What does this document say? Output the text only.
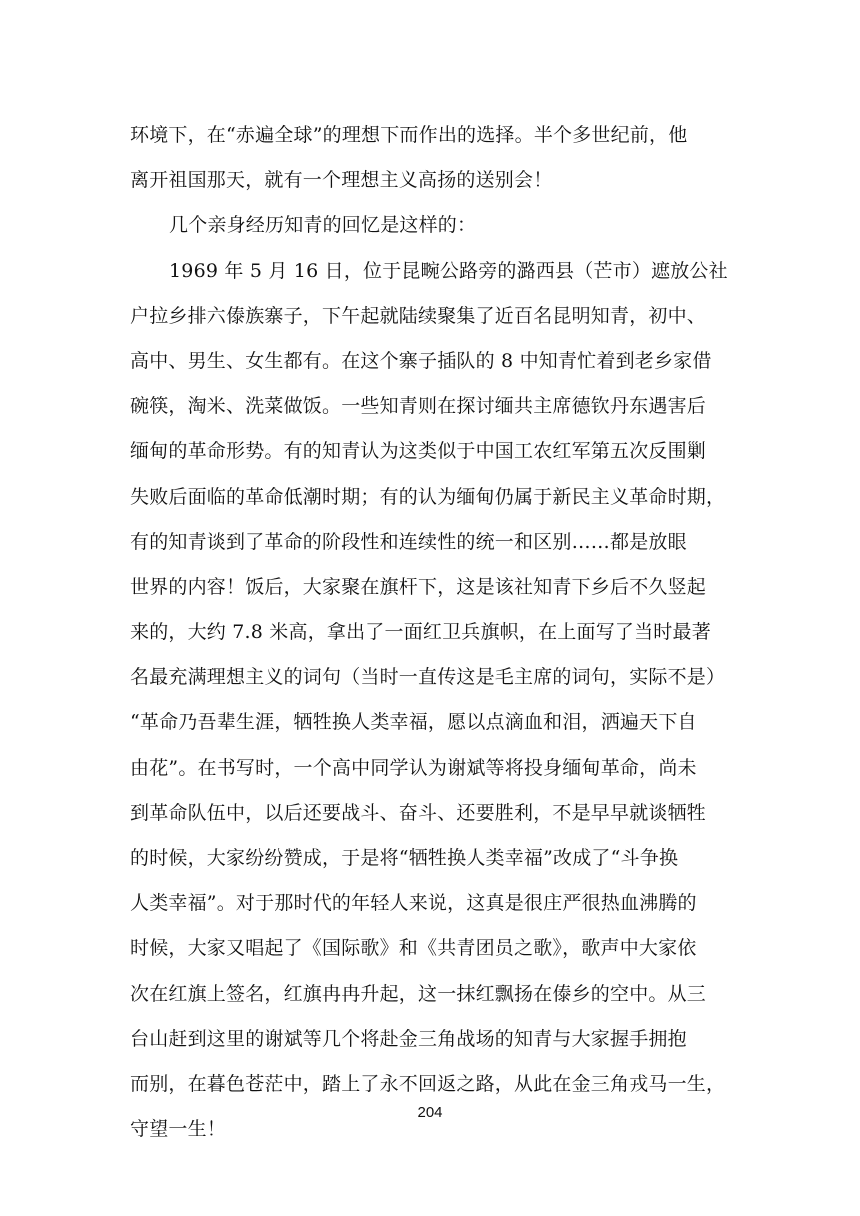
环境下，在“赤遍全球”的理想下而作出的选择。半个多世纪前，他
离开祖国那天，就有一个理想主义高扬的送别会！
几个亲身经历知青的回忆是这样的：
1969 年 5 月 16 日，位于昆畹公路旁的潞西县（芒市）遮放公社
户拉乡排六傣族寨子，下午起就陆续聚集了近百名昆明知青，初中、
高中、男生、女生都有。在这个寨子插队的 8 中知青忙着到老乡家借
碗筷，淘米、洗菜做饭。一些知青则在探讨缅共主席德钦丹东遇害后
缅甸的革命形势。有的知青认为这类似于中国工农红军第五次反围剿
失败后面临的革命低潮时期；有的认为缅甸仍属于新民主义革命时期，
有的知青谈到了革命的阶段性和连续性的统一和区别……都是放眼
世界的内容！饭后，大家聚在旗杆下，这是该社知青下乡后不久竖起
来的，大约 7.8 米高，拿出了一面红卫兵旗帜，在上面写了当时最著
名最充满理想主义的词句（当时一直传这是毛主席的词句，实际不是）
“革命乃吾辈生涯，牺牲换人类幸福，愿以点滴血和泪，洒遍天下自
由花”。在书写时，一个高中同学认为谢斌等将投身缅甸革命，尚未
到革命队伍中，以后还要战斗、奋斗、还要胜利，不是早早就谈牺牲
的时候，大家纷纷赞成，于是将“牺牲换人类幸福”改成了“斗争换
人类幸福”。对于那时代的年轻人来说，这真是很庄严很热血沸腾的
时候，大家又唱起了《国际歌》和《共青团员之歌》，歌声中大家依
次在红旗上签名，红旗冉冉升起，这一抹红飘扬在傣乡的空中。从三
台山赶到这里的谢斌等几个将赴金三角战场的知青与大家握手拥抱
而别，在暮色苍茫中，踏上了永不回返之路，从此在金三角戎马一生，
守望一生！
204
